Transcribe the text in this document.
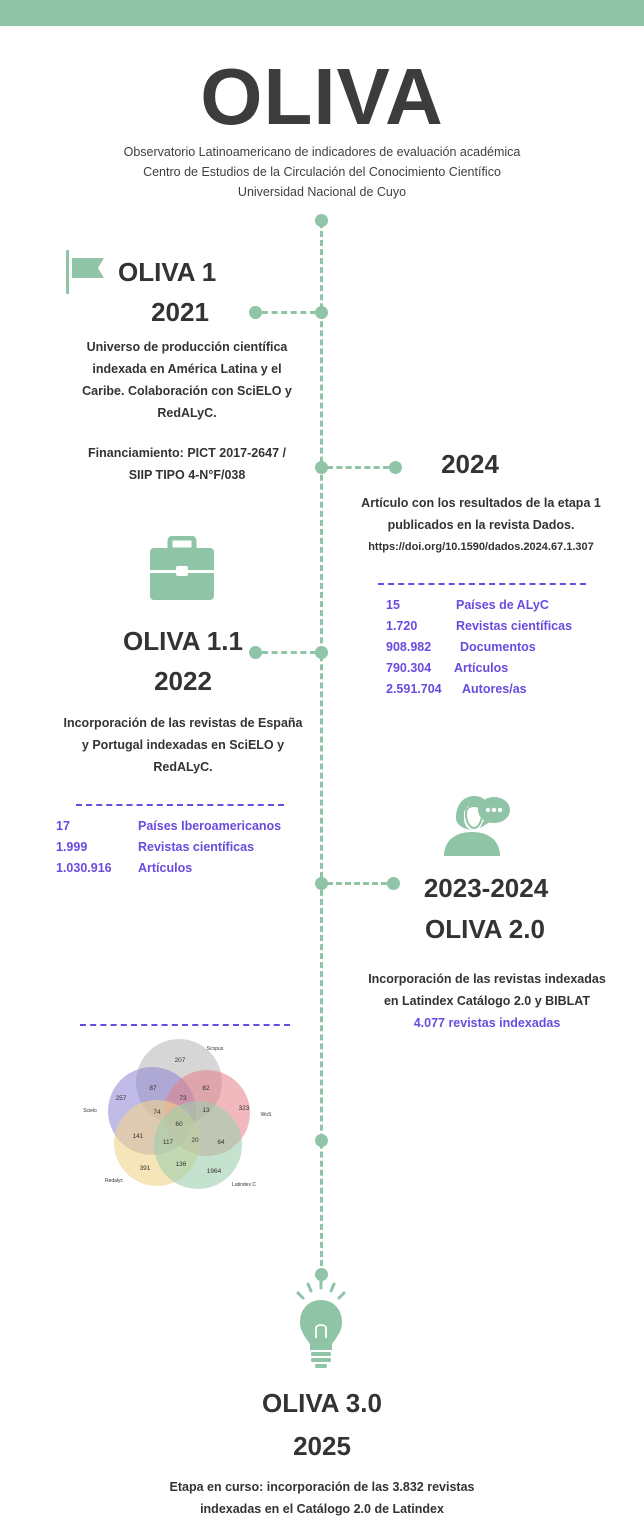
OLIVA
Observatorio Latinoamericano de indicadores de evaluación académica
Centro de Estudios de la Circulación del Conocimiento Científico
Universidad Nacional de Cuyo
OLIVA 1
2021
Universo de producción científica
indexada en América Latina y el
Caribe. Colaboración con SciELO y
RedALyC.
Financiamiento: PICT 2017-2647 /
SIIP TIPO 4-N°F/038	2024
Artículo con los resultados de la etapa 1
publicados en la revista Dados.
https://doi.org/10.1590/dados.2024.67.1.307
15	Países de ALyC
1.720	Revistas científicas
908.982 Documentos
790.304 Artículos
2.591.704 Autores/as
OLIVA 1.1
2022
Incorporación de las revistas de España
y Portugal indexadas en SciELO y
RedALyC.
17	Países Iberoamericanos
1.999	Revistas científicas
1.030.916 Artículos
2023-2024
OLIVA 2.0
Incorporación de las revistas indexadas
en Latindex Catálogo 2.0 y BIBLAT
4.077 revistas indexadas
207
87	82
257	73
323
74	13
60
141
117	20	64
391
136
1964
Scopus
Scielo
WoS
Redalyc
Latindex C
OLIVA 3.0
2025
Etapa en curso: incorporación de las 3.832 revistas
indexadas en el Catálogo 2.0 de Latindex
